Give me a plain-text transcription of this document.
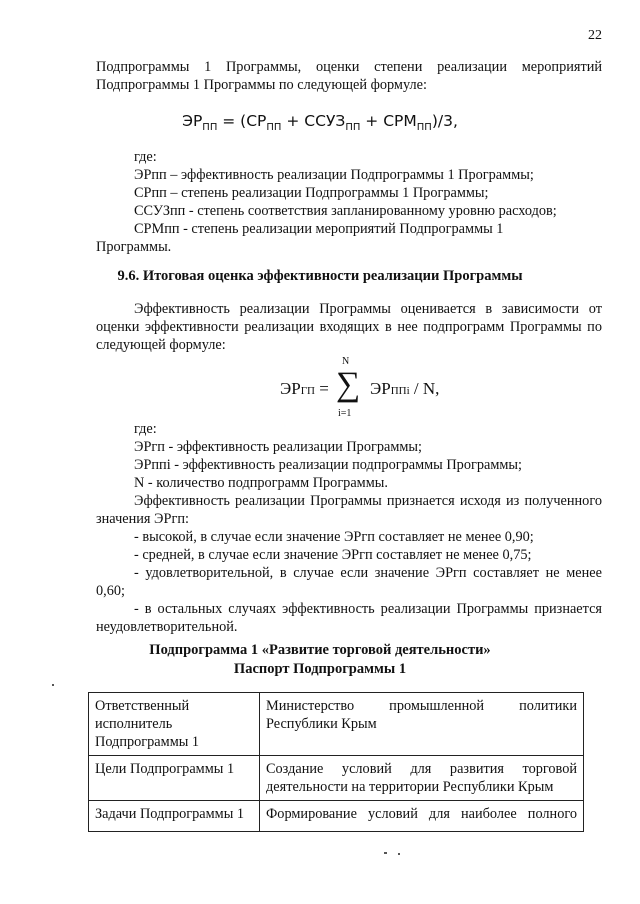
22
Подпрограммы 1 Программы, оценки степени реализации мероприятий
Подпрограммы 1 Программы по следующей формуле:
$ЭР_{ПП} = (СР_{ПП}$ + $ССУЗ_{ПП} + СРМ_{ПП})/3$,
где:
ЭРпп – эффективность реализации Подпрограммы 1 Программы;
СРпп – степень реализации Подпрограммы 1 Программы;
ССУЗпп - степень соответствия запланированному уровню расходов;
СРМпп - степень реализации мероприятий Подпрограммы 1
Программы.
9.6. Итоговая оценка эффективности реализации Программы
Эффективность реализации Программы оценивается в зависимости от оценки эффективности реализации входящих в нее подпрограмм Программы по следующей формуле:
ЭРГП =
N
∑
i=1
ЭРППi / N,
где:
ЭРгп - эффективность реализации Программы;
ЭРппi - эффективность реализации подпрограммы Программы;
N - количество подпрограмм Программы.
Эффективность реализации Программы признается исходя из полученного значения ЭРгп:
- высокой, в случае если значение ЭРгп составляет не менее 0,90;
- средней, в случае если значение ЭРгп составляет не менее 0,75;
- удовлетворительной, в случае если значение ЭРгп составляет не менее 0,60;
- в остальных случаях эффективность реализации Программы признается неудовлетворительной.
Подпрограмма 1 «Развитие торговой деятельности»
Паспорт Подпрограммы 1
Ответственный исполнитель Подпрограммы 1	Министерство промышленной политики Республики Крым
Цели Подпрограммы 1	Создание условий для развития торговой деятельности на территории Республики Крым
Задачи Подпрограммы 1	Формирование условий для наиболее полного
